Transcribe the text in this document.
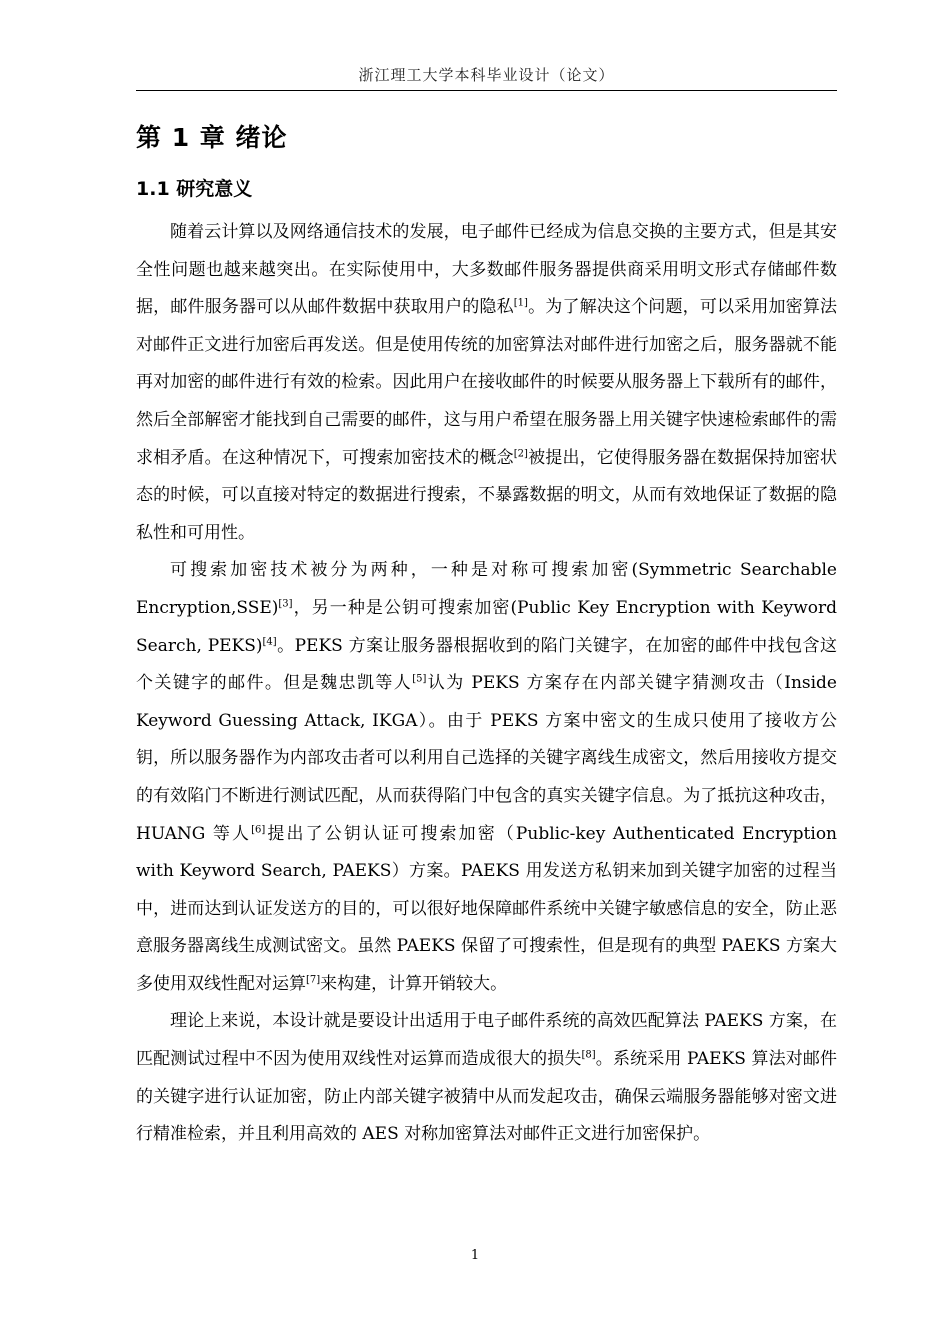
浙江理工大学本科毕业设计（论文）
第 1 章 绪论
1.1 研究意义

随着云计算以及网络通信技术的发展，电子邮件已经成为信息交换的主要方式，但是其安全性问题也越来越突出。在实际使用中，大多数邮件服务器提供商采用明文形式存储邮件数据，邮件服务器可以从邮件数据中获取用户的隐私[1]。为了解决这个问题，可以采用加密算法对邮件正文进行加密后再发送。但是使用传统的加密算法对邮件进行加密之后，服务器就不能再对加密的邮件进行有效的检索。因此用户在接收邮件的时候要从服务器上下载所有的邮件，然后全部解密才能找到自己需要的邮件，这与用户希望在服务器上用关键字快速检索邮件的需求相矛盾。在这种情况下，可搜索加密技术的概念[2]被提出，它使得服务器在数据保持加密状态的时候，可以直接对特定的数据进行搜索，不暴露数据的明文，从而有效地保证了数据的隐私性和可用性。

可搜索加密技术被分为两种，一种是对称可搜索加密(Symmetric Searchable Encryption,SSE)[3]，另一种是公钥可搜索加密(Public Key Encryption with Keyword Search, PEKS)[4]。PEKS 方案让服务器根据收到的陷门关键字，在加密的邮件中找包含这个关键字的邮件。但是魏忠凯等人[5]认为 PEKS 方案存在内部关键字猜测攻击（Inside Keyword Guessing Attack, IKGA）。由于 PEKS 方案中密文的生成只使用了接收方公钥，所以服务器作为内部攻击者可以利用自己选择的关键字离线生成密文，然后用接收方提交的有效陷门不断进行测试匹配，从而获得陷门中包含的真实关键字信息。为了抵抗这种攻击，HUANG 等人[6]提出了公钥认证可搜索加密（Public-key Authenticated Encryption with Keyword Search, PAEKS）方案。PAEKS 用发送方私钥来加到关键字加密的过程当中，进而达到认证发送方的目的，可以很好地保障邮件系统中关键字敏感信息的安全，防止恶意服务器离线生成测试密文。虽然 PAEKS 保留了可搜索性，但是现有的典型 PAEKS 方案大多使用双线性配对运算[7]来构建，计算开销较大。

理论上来说，本设计就是要设计出适用于电子邮件系统的高效匹配算法 PAEKS 方案，在匹配测试过程中不因为使用双线性对运算而造成很大的损失[8]。系统采用 PAEKS 算法对邮件的关键字进行认证加密，防止内部关键字被猜中从而发起攻击，确保云端服务器能够对密文进行精准检索，并且利用高效的 AES 对称加密算法对邮件正文进行加密保护。

1
